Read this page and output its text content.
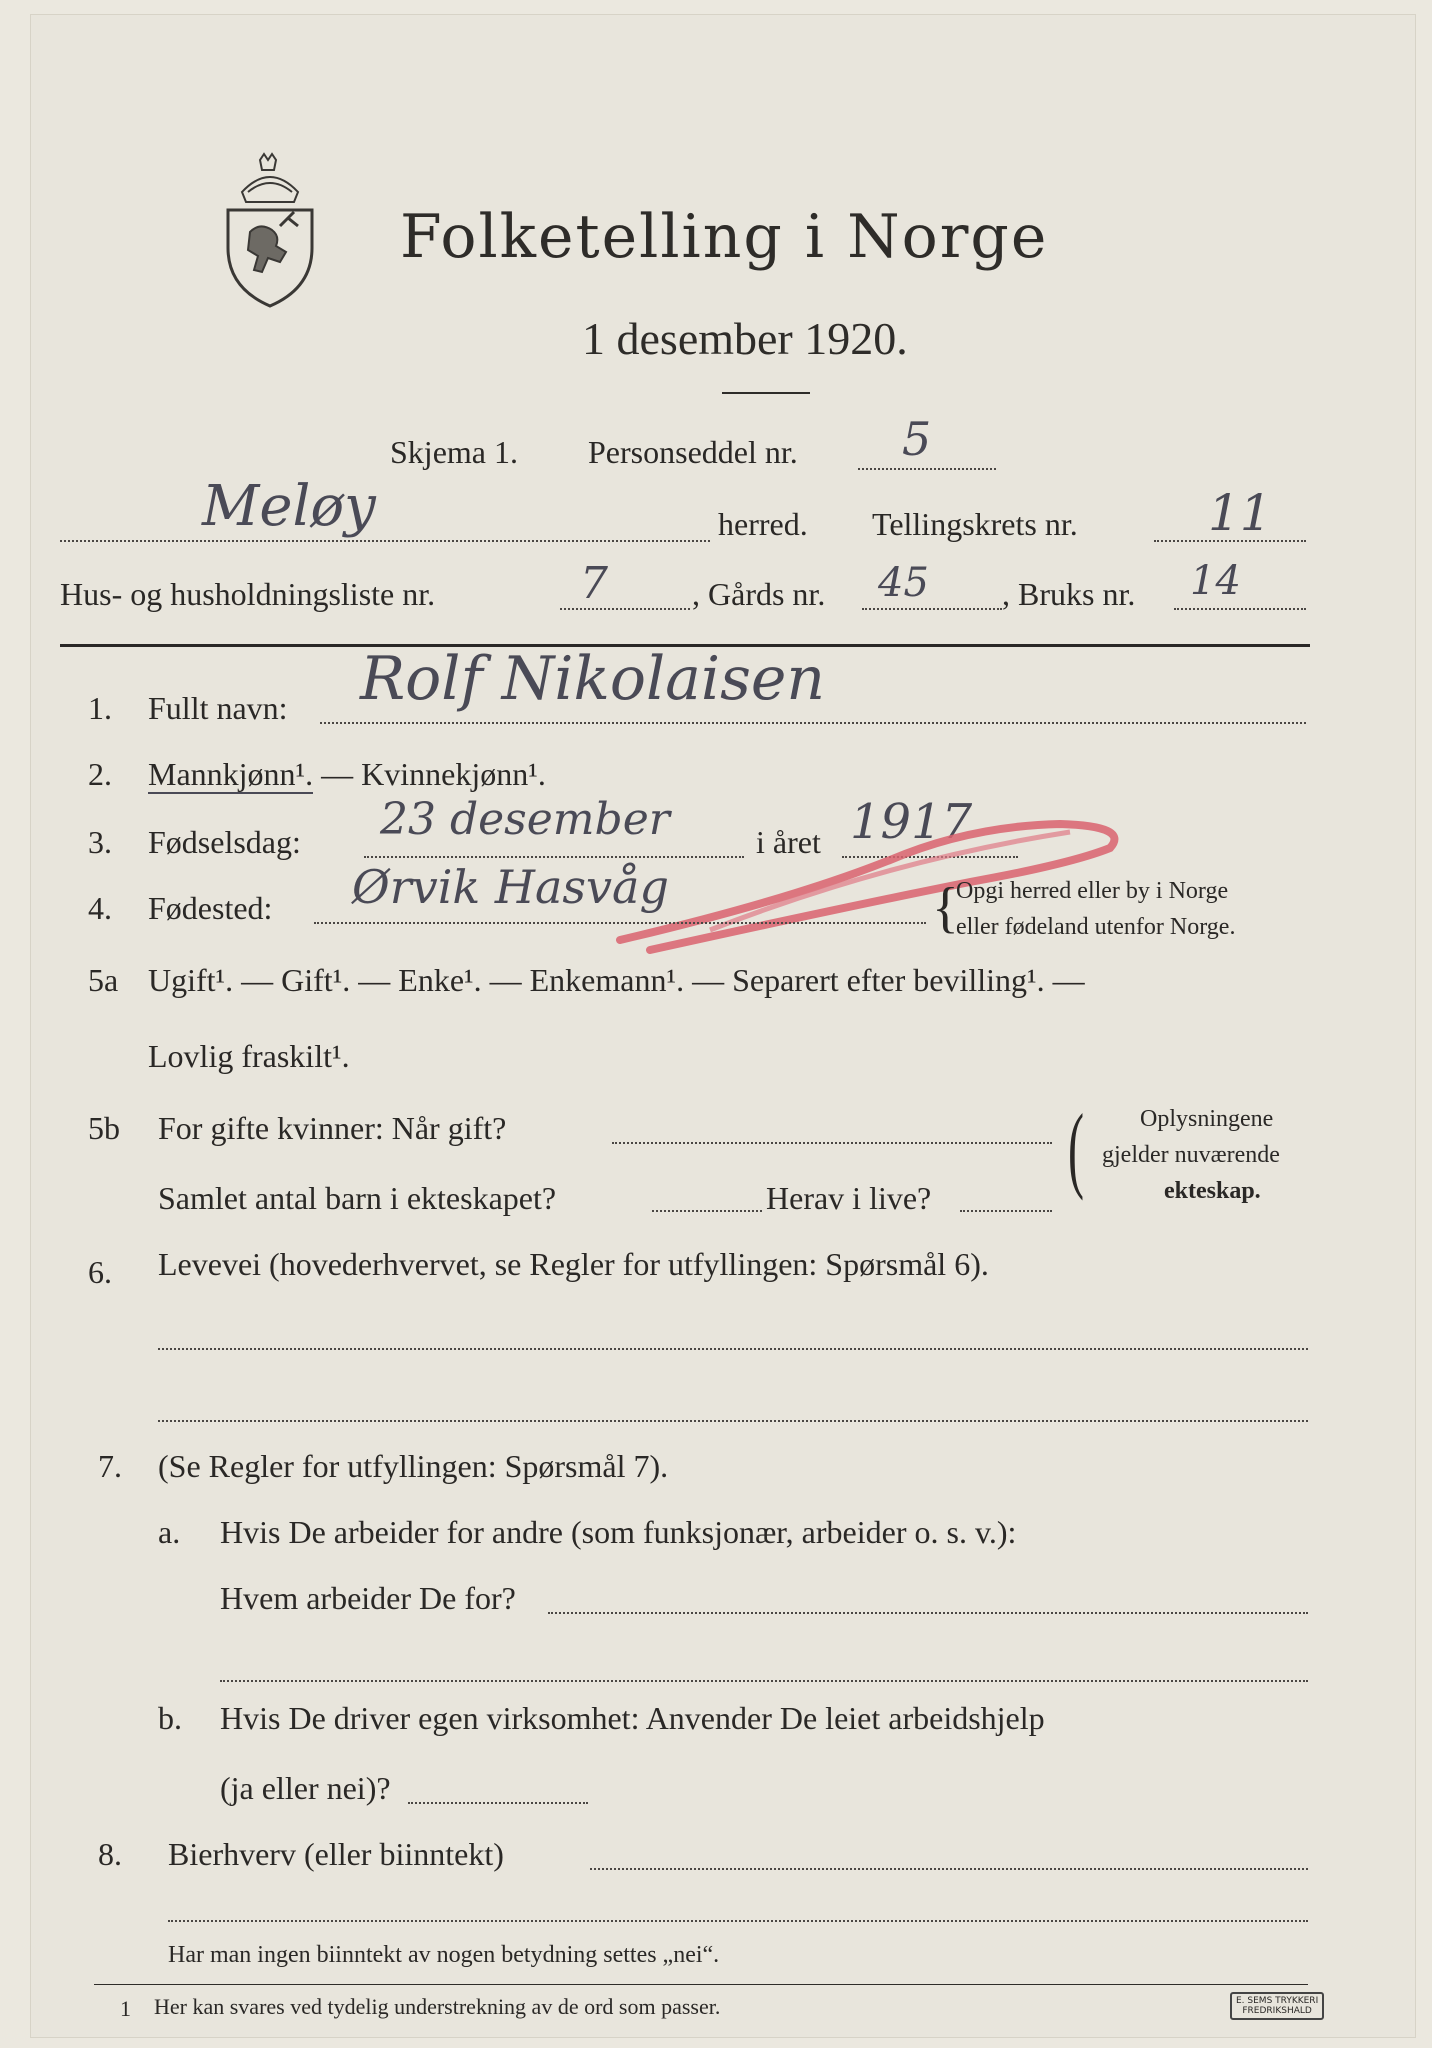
Folketelling i Norge
1 desember 1920.
Skjema 1. Personseddel nr. 5
Meløy	herred. Tellingskrets nr.	11
Hus- og husholdningsliste nr.	7	, Gårds nr. 45 , Bruks nr. 14
1. Fullt navn: Rolf Nikolaisen
2. Mannkjønn¹. — Kvinnekjønn¹.
3. Fødselsdag: 23 desember	i året 1917
4. Fødested: Ørvik Hasvåg	{
Opgi herred eller by i Norge
eller fødeland utenfor Norge.
5a Ugift¹. — Gift¹. — Enke¹. — Enkemann¹. — Separert efter bevilling¹. —
Lovlig fraskilt¹.
5b For gifte kvinner: Når gift?
Samlet antal barn i ekteskapet?	Herav i live? ( Oplysningene
gjelder nuværende
ekteskap.
6. Levevei (hovederhvervet, se Regler for utfyllingen: Spørsmål 6).
7. (Se Regler for utfyllingen: Spørsmål 7).
a. Hvis De arbeider for andre (som funksjonær, arbeider o. s. v.):
Hvem arbeider De for?
b. Hvis De driver egen virksomhet: Anvender De leiet arbeidshjelp
(ja eller nei)?
8. Bierhverv (eller biinntekt)
Har man ingen biinntekt av nogen betydning settes „nei“.
1 Her kan svares ved tydelig understrekning av de ord som passer.	E. SEMS TRYKKERI
FREDRIKSHALD
